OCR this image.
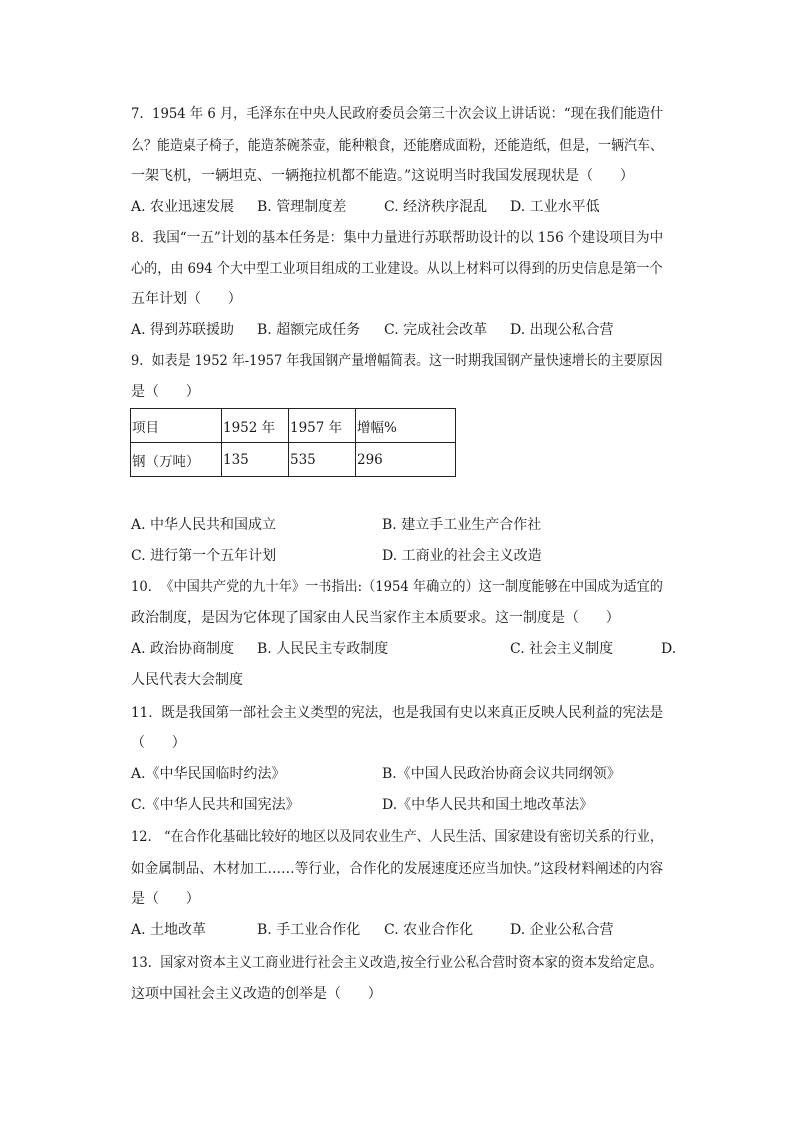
7.  1954 年 6 月，毛泽东在中央人民政府委员会第三十次会议上讲话说：“现在我们能造什
么？能造桌子椅子，能造茶碗茶壶，能种粮食，还能磨成面粉，还能造纸，但是，一辆汽车、
一架飞机，一辆坦克、一辆拖拉机都不能造。”这说明当时我国发展现状是（      ）
A. 农业迅速发展 B. 管理制度差	C. 经济秩序混乱 D. 工业水平低
8.  我国“一五”计划的基本任务是：集中力量进行苏联帮助设计的以 156 个建设项目为中
心的，由 694 个大中型工业项目组成的工业建设。从以上材料可以得到的历史信息是第一个
五年计划（      ）
A. 得到苏联援助 B. 超额完成任务 C. 完成社会改革 D. 出现公私合营
9.  如表是 1952 年-1957 年我国钢产量增幅简表。这一时期我国钢产量快速增长的主要原因
是（      ）
项目	1952 年	1957 年	增幅%
钢（万吨）	135	535	296
A. 中华人民共和国成立	B. 建立手工业生产合作社
C. 进行第一个五年计划	D. 工商业的社会主义改造
10.  《中国共产党的九十年》一书指出:（1954 年确立的）这一制度能够在中国成为适宜的
政治制度，是因为它体现了国家由人民当家作主本质要求。这一制度是（      ）
A. 政治协商制度 B. 人民民主专政制度	C. 社会主义制度	D.
人民代表大会制度
11.  既是我国第一部社会主义类型的宪法，也是我国有史以来真正反映人民利益的宪法是
（      ）
A.《中华民国临时约法》	B.《中国人民政治协商会议共同纲领》
C.《中华人民共和国宪法》	D.《中华人民共和国土地改革法》
12.   “在合作化基础比较好的地区以及同农业生产、人民生活、国家建设有密切关系的行业，
如金属制品、木材加工……等行业，合作化的发展速度还应当加快。”这段材料阐述的内容
是（      ）
A. 土地改革	B. 手工业合作化 C. 农业合作化	D. 企业公私合营
13.  国家对资本主义工商业进行社会主义改造,按全行业公私合营时资本家的资本发给定息。
这项中国社会主义改造的创举是（      ）
